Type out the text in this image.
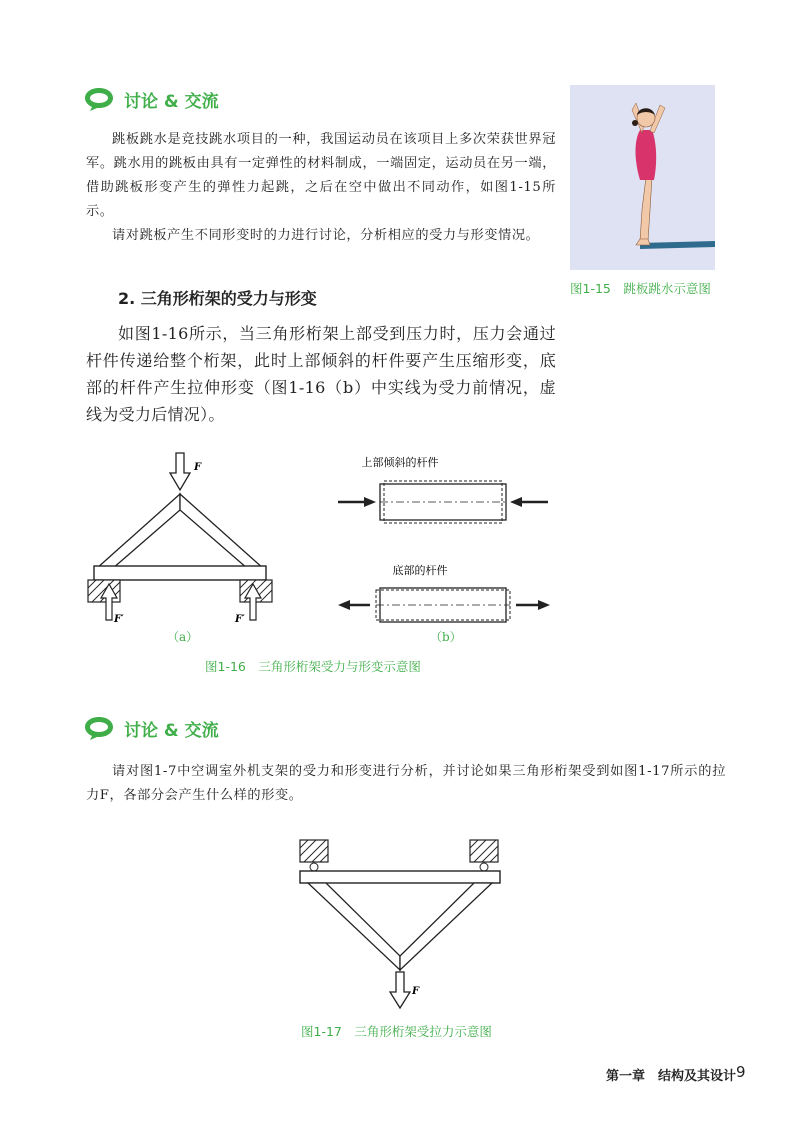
讨论 & 交流

跳板跳水是竞技跳水项目的一种，我国运动员在该项目上多次荣获世界冠军。跳水用的跳板由具有一定弹性的材料制成，一端固定，运动员在另一端，借助跳板形变产生的弹性力起跳，之后在空中做出不同动作，如图1-15所示。

请对跳板产生不同形变时的力进行讨论，分析相应的受力与形变情况。

图1-15　跳板跳水示意图
2. 三角形桁架的受力与形变

如图1-16所示，当三角形桁架上部受到压力时，压力会通过杆件传递给整个桁架，此时上部倾斜的杆件要产生压缩形变，底部的杆件产生拉伸形变（图1-16（b）中实线为受力前情况，虚线为受力后情况）。

F
F′	F′
（a）
上部倾斜的杆件
底部的杆件
（b）
图1-16　三角形桁架受力与形变示意图
讨论 & 交流

请对图1-7中空调室外机支架的受力和形变进行分析，并讨论如果三角形桁架受到如图1-17所示的拉力F，各部分会产生什么样的形变。

F
图1-17　三角形桁架受拉力示意图
第一章　结构及其设计 9
